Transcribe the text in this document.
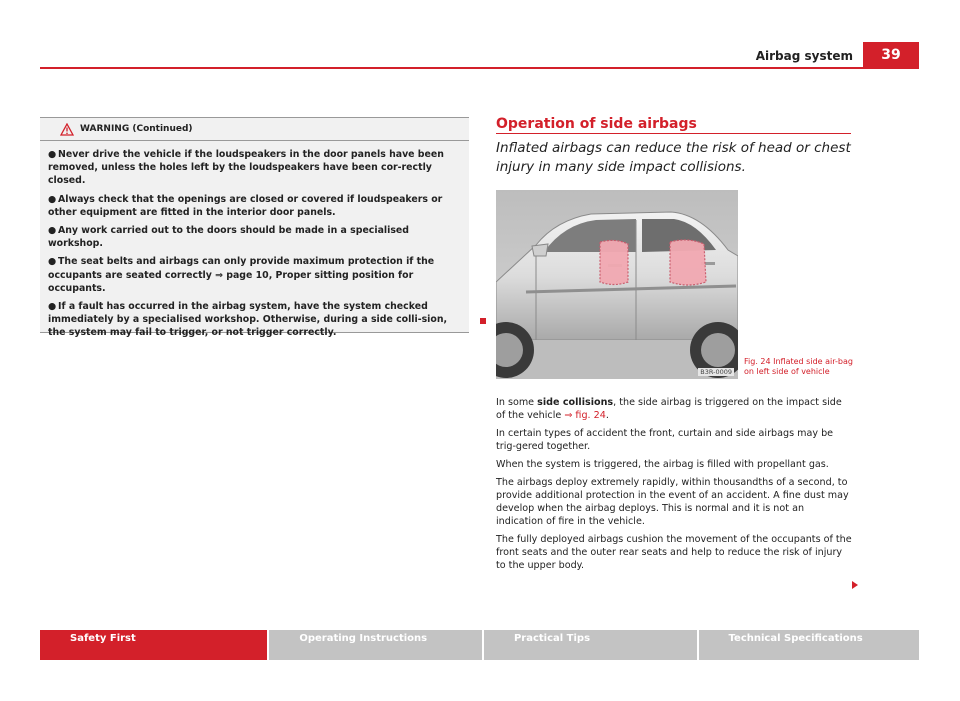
Airbag system	39
WARNING (Continued)
● Never drive the vehicle if the loudspeakers in the door panels have been removed, unless the holes left by the loudspeakers have been cor-rectly closed.
● Always check that the openings are closed or covered if loudspeakers or other equipment are fitted in the interior door panels.
● Any work carried out to the doors should be made in a specialised workshop.
● The seat belts and airbags can only provide maximum protection if the occupants are seated correctly ⇒ page 10, Proper sitting position for occupants.
● If a fault has occurred in the airbag system, have the system checked immediately by a specialised workshop. Otherwise, during a side colli-sion, the system may fail to trigger, or not trigger correctly.
Operation of side airbags
Inflated airbags can reduce the risk of head or chest injury in many side impact collisions.
B3R-0009
Fig. 24 Inflated side air-bag on left side of vehicle

In some side collisions, the side airbag is triggered on the impact side of the vehicle ⇒ fig. 24.

In certain types of accident the front, curtain and side airbags may be trig-gered together.

When the system is triggered, the airbag is filled with propellant gas.

The airbags deploy extremely rapidly, within thousandths of a second, to provide additional protection in the event of an accident. A fine dust may develop when the airbag deploys. This is normal and it is not an indication of fire in the vehicle.

The fully deployed airbags cushion the movement of the occupants of the front seats and the outer rear seats and help to reduce the risk of injury to the upper body.

Safety First	Operating Instructions	Practical Tips	Technical Specifications
